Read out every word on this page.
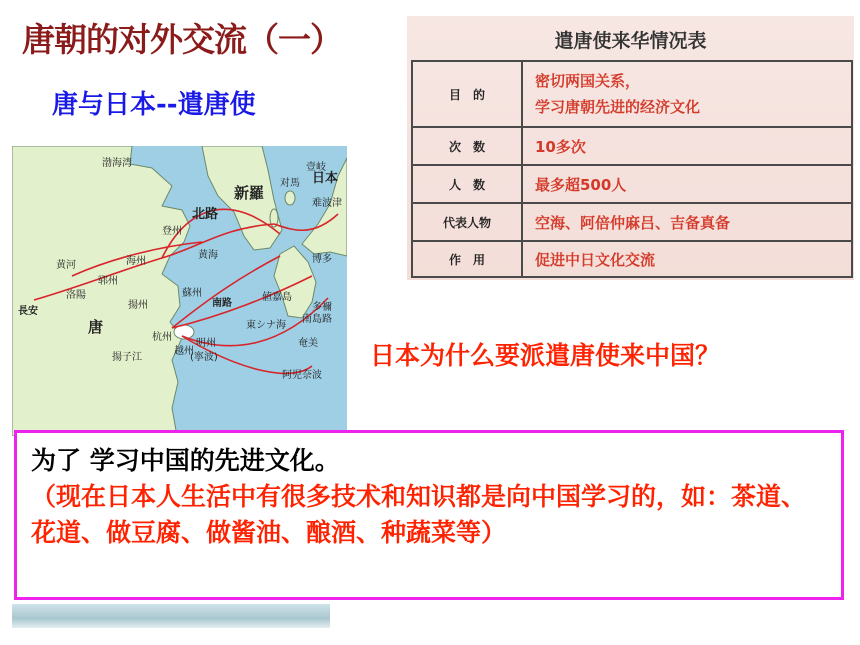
唐朝的对外交流（一）
唐与日本--遣唐使
遣唐使来华情况表
目　的	密切两国关系，
学习唐朝先进的经济文化

次　数	10多次
人　数	最多超500人
代表人物	空海、阿倍仲麻吕、吉备真备
作　用	促进中日文化交流
渤海湾
北路
登州
新羅
日本
难波津
对馬
壹岐
博多
黄河	海州
黄海
郓州
洛陽
長安
揚州
蘇州
南路
南島路
値嘉島
唐
杭州
越州
明州
(寧波)
揚子江
東シナ海
多禰
奄美
阿児奈波
日本为什么要派遣唐使来中国？
为了 学习中国的先进文化。
（现在日本人生活中有很多技术和知识都是向中国学习的，如：茶道、花道、做豆腐、做酱油、酿酒、种蔬菜等）
